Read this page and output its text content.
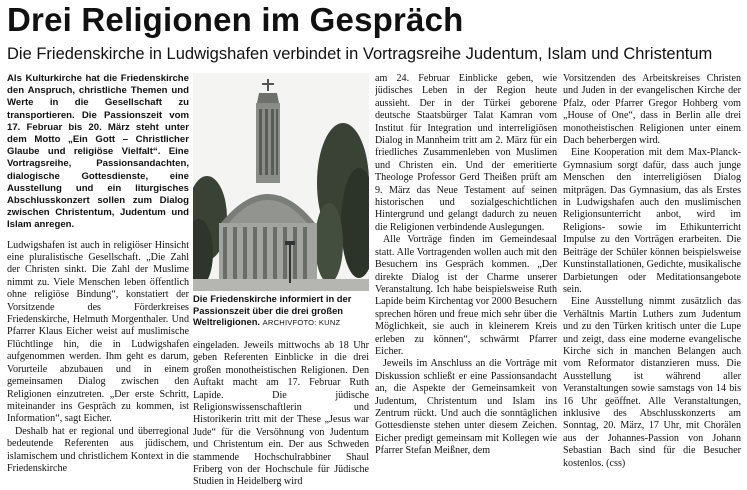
Drei Religionen im Gespräch
Die Friedenskirche in Ludwigshafen verbindet in Vortragsreihe Judentum, Islam und Christentum

Als Kulturkirche hat die Friedenskirche den Anspruch, christliche Themen und Werte in die Gesellschaft zu transportieren. Die Passionszeit vom 17. Februar bis 20. März steht unter dem Motto „Ein Gott – Christlicher Glaube und religiöse Vielfalt“. Eine Vortragsreihe, Passionsandachten, dialogische Gottesdienste, eine Ausstellung und ein liturgisches Abschlusskonzert sollen zum Dialog zwischen Christentum, Judentum und Islam anregen.

Ludwigshafen ist auch in religiöser Hinsicht eine pluralistische Gesellschaft. „Die Zahl der Christen sinkt. Die Zahl der Muslime nimmt zu. Viele Menschen leben öffentlich ohne religiöse Bindung“, konstatiert der Vorsitzende des Förderkreises Friedenskirche, Helmuth Morgenthaler. Und Pfarrer Klaus Eicher weist auf muslimische Flüchtlinge hin, die in Ludwigshafen aufgenommen werden. Ihm geht es darum, Vorurteile abzubauen und in einem gemeinsamen Dialog zwischen den Religionen einzutreten. „Der erste Schritt, miteinander ins Gespräch zu kommen, ist Information“, sagt Eicher.

Deshalb hat er regional und überregional bedeutende Referenten aus jüdischem, islamischem und christlichem Kontext in die Friedenskirche

Die Friedenskirche informiert in der Passionszeit über die drei großen Weltreligionen. ARCHIVFOTO: KUNZ

eingeladen. Jeweils mittwochs ab 18 Uhr geben Referenten Einblicke in die drei großen monotheistischen Religionen. Den Auftakt macht am 17. Februar Ruth Lapide. Die jüdische Religionswissenschaftlerin und Historikerin tritt mit der These „Jesus war Jude“ für die Versöhnung von Judentum und Christentum ein. Der aus Schweden stammende Hochschulrabbiner Shaul Friberg von der Hochschule für Jüdische Studien in Heidelberg wird

am 24. Februar Einblicke geben, wie jüdisches Leben in der Region heute aussieht. Der in der Türkei geborene deutsche Staatsbürger Talat Kamran vom Institut für Integration und interreligiösen Dialog in Mannheim tritt am 2. März für ein friedliches Zusammenleben von Muslimen und Christen ein. Und der emeritierte Theologe Professor Gerd Theißen prüft am 9. März das Neue Testament auf seinen historischen und sozialgeschichtlichen Hintergrund und gelangt dadurch zu neuen die Religionen verbindende Auslegungen.

Alle Vorträge finden im Gemeindesaal statt. Alle Vortragenden wollen auch mit den Besuchern ins Gespräch kommen. „Der direkte Dialog ist der Charme unserer Veranstaltung. Ich habe beispielsweise Ruth Lapide beim Kirchentag vor 2000 Besuchern sprechen hören und freue mich sehr über die Möglichkeit, sie auch in kleinerem Kreis erleben zu können“, schwärmt Pfarrer Eicher.

Jeweils im Anschluss an die Vorträge mit Diskussion schließt er eine Passionsandacht an, die Aspekte der Gemeinsamkeit von Judentum, Christentum und Islam ins Zentrum rückt. Und auch die sonntäglichen Gottesdienste stehen unter diesem Zeichen. Eicher predigt gemeinsam mit Kollegen wie Pfarrer Stefan Meißner, dem

Vorsitzenden des Arbeitskreises Christen und Juden in der evangelischen Kirche der Pfalz, oder Pfarrer Gregor Hohberg vom „House of One“, dass in Berlin alle drei monotheistischen Religionen unter einem Dach beherbergen wird.

Eine Kooperation mit dem Max-Planck-Gymnasium sorgt dafür, dass auch junge Menschen den interreligiösen Dialog mitprägen. Das Gymnasium, das als Erstes in Ludwigshafen auch den muslimischen Religionsunterricht anbot, wird im Religions- sowie im Ethikunterricht Impulse zu den Vorträgen erarbeiten. Die Beiträge der Schüler können beispielsweise Kunstinstallationen, Gedichte, musikalische Darbietungen oder Meditationsangebote sein.

Eine Ausstellung nimmt zusätzlich das Verhältnis Martin Luthers zum Judentum und zu den Türken kritisch unter die Lupe und zeigt, dass eine moderne evangelische Kirche sich in manchen Belangen auch vom Reformator distanzieren muss. Die Ausstellung ist während aller Veranstaltungen sowie samstags von 14 bis 16 Uhr geöffnet. Alle Veranstaltungen, inklusive des Abschlusskonzerts am Sonntag, 20. März, 17 Uhr, mit Chorälen aus der Johannes-Passion von Johann Sebastian Bach sind für die Besucher kostenlos. (css)
